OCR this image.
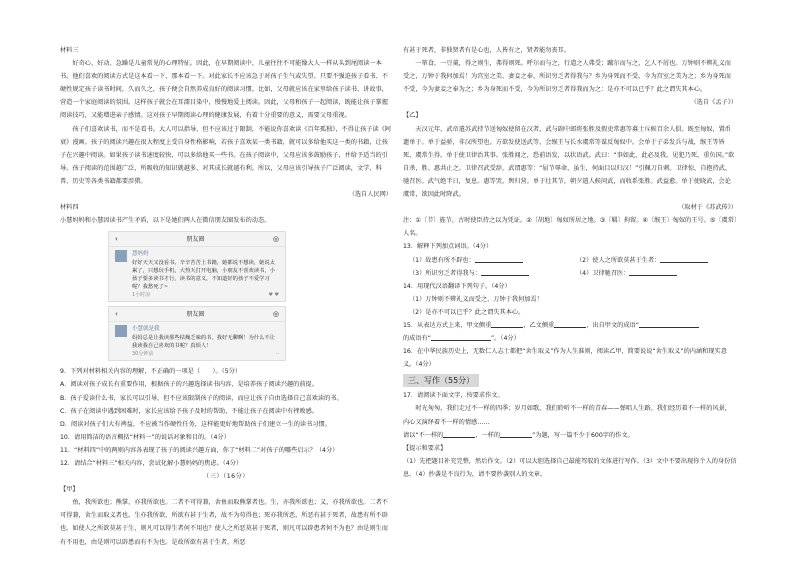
材料三

好奇心、好动、急躁是儿童常见的心理特征。因此，在早期阅读中，儿童往往不可能像大人一样从头到尾阅读一本书。他们喜欢的阅读方式是这本看一下、那本看一下。对此家长不应该急于对孩子生气或失望。只要不强迫孩子看书、不硬性规定孩子读书时间，久而久之，孩子便会自然养成良好的阅读习惯。比如，父母就应该在家里给孩子读书、讲故事，营造一个家庭阅读的氛围。这样孩子就会在耳濡目染中，慢慢地爱上阅读。因此，父母和孩子一起阅读，既能让孩子掌握阅读技巧，又能增进亲子感情。这对孩子早期阅读心理的健康发展，有着十分重要的意义，需要父母重视。

孩子们喜欢读书，而不是看书。大人可以指导，但不应该过于限制，不能说你喜欢读《百年孤独》，不得让孩子读《阿衰》漫画。孩子的阅读兴趣在很大程度上受自身性格影响，若孩子喜欢某一类书籍，就可以多给他买这一类的书籍，让孩子在兴趣中阅读。如果孩子读书速度较快，可以多给他买一些书。在孩子阅读中，父母应该多鼓励孩子，并给予适当的引导。孩子阅读的范围越广泛，所吸收的知识就越多，对其成长就越有利。所以，父母应该引导孩子广泛阅读，文学、科普、历史等各类书籍都要涉猎。

（选自人民网）

材料四

小慧妈妈和小慧因读书产生矛盾，以下是她们两人在微信朋友圈发布的动态。

‹	朋友圈	◎
慧妈妈
好好天天又没看书。辛辛苦苦上书籍，她都说不想读，她说太累了，只想玩手机，大热天打开电脑，小朋友不喜欢读书，小孩子要多读书才行，读书的意义，不知道好的孩子不爱学习呢？我愁死了~
1小时前	♥ ♥
‹	朋友圈	◎
小慧就是我
妈妈总是让我读那些枯燥乏味的书，我好无聊啊！为什么不让我读我自己喜欢的书呢？真烦人！
30分钟前	··

9．下列对材料相关内容的理解，不正确的一项是（　　）。（5分）

A．阅读对孩子成长有重要作用，根据孩子的兴趣选择读书内容，是培养孩子阅读兴趣的前提。

B．孩子爱读什么书，家长可以引导，但不应该限制孩子的阅读，而应让孩子自由选择自己喜欢读的书。

C．孩子在阅读中遇到困难时，家长应该给予孩子及时的帮助，不能让孩子在阅读中有挫败感。

D．阅读对孩子们大有裨益，不应被当作硬性任务，这样能更好地帮助孩子们建立一生的读书习惯。

10．请用简洁的语言概括“材料一”的说话对象和目的。（4分）

11．“材料四”中的两则内容各表现了孩子的阅读兴趣方面，你了“材料二”对孩子的哪些启示？（4分）

12．请结合“材料三”相关内容，尝试化解小慧妈妈的焦虑。（4分）

（三）（16分）

【甲】

鱼，我所欲也；熊掌，亦我所欲也。二者不可得兼，舍鱼而取熊掌者也。生，亦我所欲也；义，亦我所欲也。二者不可得兼，舍生而取义者也。生亦我所欲，所欲有甚于生者，故不为苟得也；死亦我所恶，所恶有甚于死者，故患有所不辟也。如使人之所欲莫甚于生，则凡可以得生者何不用也？使人之所恶莫甚于死者，则凡可以辟患者何不为也？由是则生而有不用也，由是则可以辟患而有不为也。是故所欲有甚于生者，所恶

有甚于死者，非独贤者有是心也，人皆有之，贤者能勿丧耳。

一箪食，一豆羹，得之则生，弗得则死。呼尔而与之，行道之人弗受；蹴尔而与之，乞人不屑也。万钟则不辨礼义而受之，万钟于我何加焉！为宫室之美、妻妾之奉、所识穷乏者得我与？乡为身死而不受，今为宫室之美为之；乡为身死而不受，今为妻妾之奉为之；乡为身死而不受，今为所识穷乏者得我而为之：是亦不可以已乎？此之谓失其本心。

（选自《孟子》）

【乙】

天汉元年，武帝遣苏武持节送匈奴使留在汉者，武与副中郎将张胜及假吏常惠等募士斥候百余人俱。既至匈奴，置币遗单于。单于益骄，非汉所望也。方欲发使送武等，会缑王与长水虞常等谋反匈奴中。会单于子弟发兵与战，缑王等皆死，虞常生得。单于使卫律治其事。张胜闻之，恐前语发，以状语武。武曰：“事如此，此必及我。见犯乃死，重负国。”欲自杀，胜、惠共止之。卫律召武受辞，武谓惠等：“屈节辱命，虽生，何面目以归汉！”引佩刀自刺。卫律惊，自抱持武，驰召医。武气绝半日，复息。惠等哭，舆归营。单于壮其节，朝夕遣人候问武，而收系张胜。武益愈。单于使晓武，会论虞常，欲因此时降武。

（取材于《苏武传》）

注：①〔节〕旌节，古时使臣持之以为凭证。②〔胡地〕匈奴所居之地。③〔羁〕拘留。④〔缑王〕匈奴的王号。⑤〔虞常〕人名。

13．解释下列加点词语。（4分）

（1）故患有所不辟也：	（2）使人之所欲莫甚于生者：
（3）所识穷乏者得我与：	（4）卫律驰召医：

14．用现代汉语翻译下列句子。（4分）

（1）万钟则不辨礼义而受之，万钟于我何加焉！

（2）是亦不可以已乎？此之谓失其本心。

15．从表达方式上来，甲文侧重	，乙文侧重	，出自甲文的成语“

的成语有“	”。（4分）

16．在中华民族历史上，无数仁人志士都把“舍生取义”作为人生准则，阅读乙甲，简要说说“舍生取义”的内涵和现实意义。（4分）

三、写作（55分）

17．请阅读下面文字，按要求作文。

时光匆匆，我们走过不一样的四季；岁月如歌，我们聆听不一样的青春——弹唱人生路。我们经历着不一样的风景，内心又演绎着不一样的情感……

请以“不一样的	，一样的	”为题，写一篇不少于600字的作文。

【提示和要求】

（1）先把题目补充完整，然后作文。（2）可以大胆选择自己最能驾驭的文体进行写作。（3）文中不要出现你个人的身份信息。（4）抄袭是不良行为，请不要抄袭别人的文章。
